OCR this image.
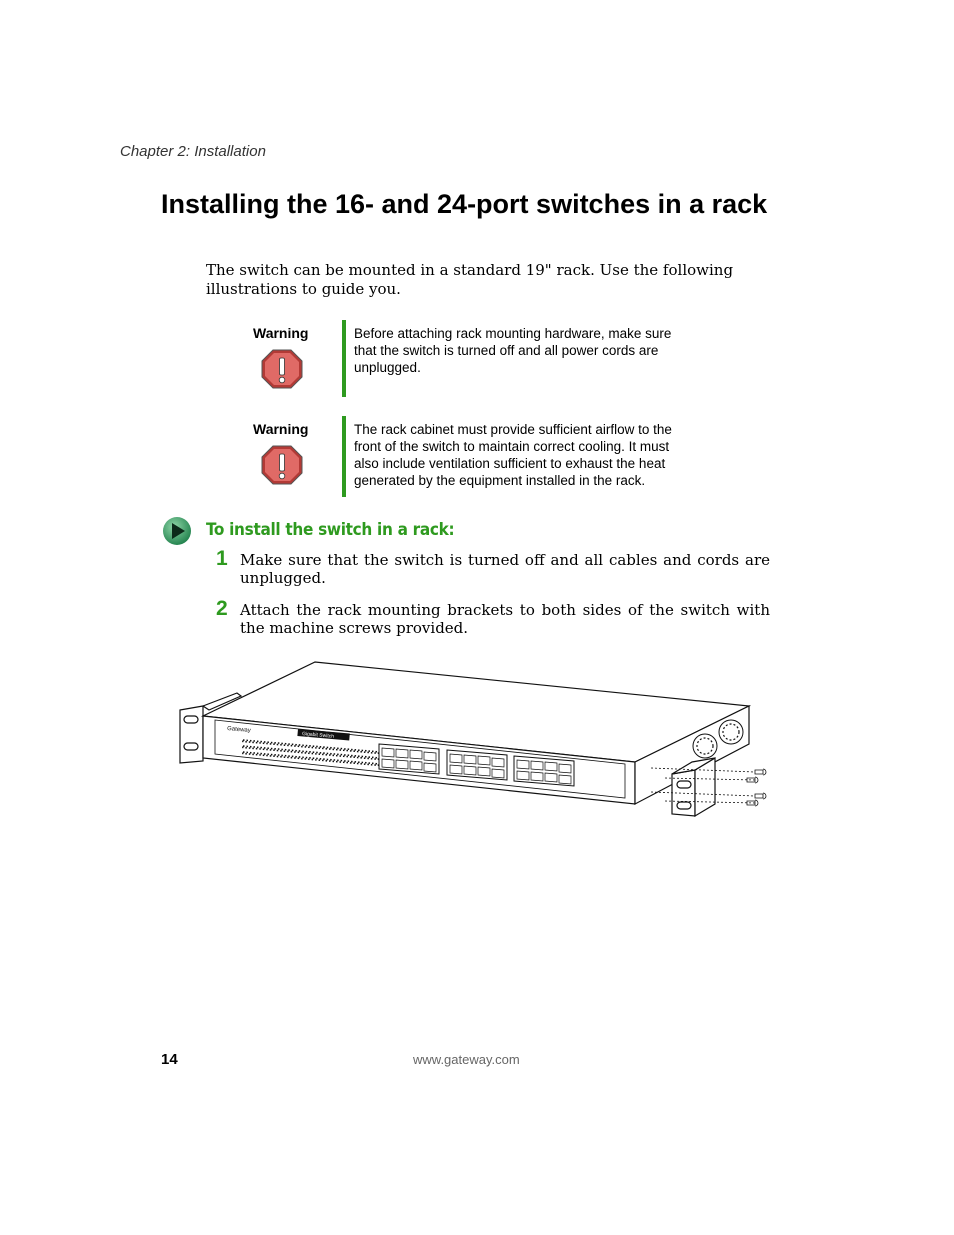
Chapter 2: Installation
Installing the 16- and 24-port switches in a rack

The switch can be mounted in a standard 19" rack. Use the following illustrations to guide you.

Warning	Before attaching rack mounting hardware, make sure that the switch is turned off and all power cords are unplugged.

Warning	The rack cabinet must provide sufficient airflow to the front of the switch to maintain correct cooling. It must also include ventilation sufficient to exhaust the heat generated by the equipment installed in the rack.

To install the switch in a rack:
1 Make sure that the switch is turned off and all cables and cords are unplugged.

2 Attach the rack mounting brackets to both sides of the switch with the machine screws provided.

Gateway
Gigabit Switch
14	www.gateway.com
